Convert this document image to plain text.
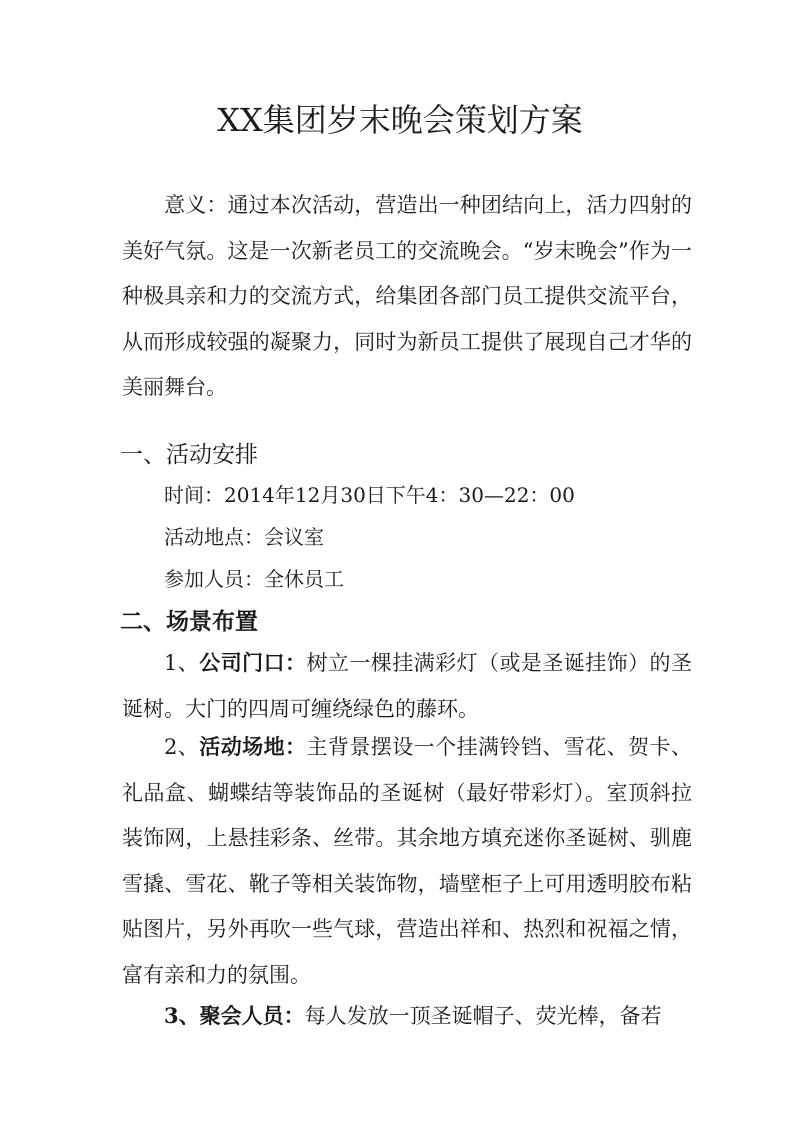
XX集团岁末晚会策划方案

意义：通过本次活动，营造出一种团结向上，活力四射的美好气氛。这是一次新老员工的交流晚会。“岁末晚会”作为一种极具亲和力的交流方式，给集团各部门员工提供交流平台，从而形成较强的凝聚力，同时为新员工提供了展现自己才华的美丽舞台。

一、活动安排

时间：2014年12月30日下午4：30—22：00

活动地点：会议室

参加人员：全休员工

二、场景布置

1、公司门口：树立一棵挂满彩灯（或是圣诞挂饰）的圣诞树。大门的四周可缠绕绿色的藤环。

2、活动场地：主背景摆设一个挂满铃铛、雪花、贺卡、礼品盒、蝴蝶结等装饰品的圣诞树（最好带彩灯）。室顶斜拉装饰网，上悬挂彩条、丝带。其余地方填充迷你圣诞树、驯鹿雪撬、雪花、靴子等相关装饰物，墙壁柜子上可用透明胶布粘贴图片，另外再吹一些气球，营造出祥和、热烈和祝福之情，富有亲和力的氛围。

3、聚会人员：每人发放一顶圣诞帽子、荧光棒，备若
